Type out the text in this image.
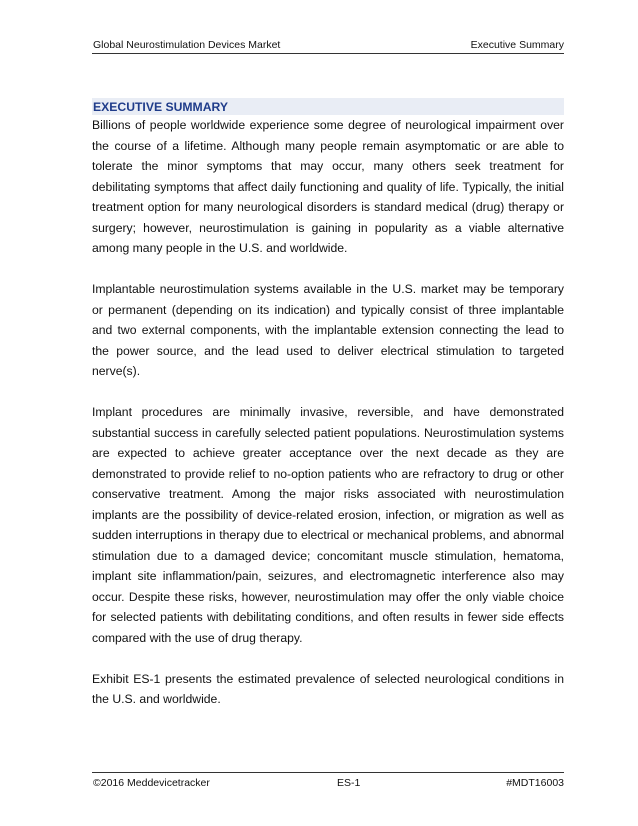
Global Neurostimulation Devices Market	Executive Summary
EXECUTIVE SUMMARY

Billions of people worldwide experience some degree of neurological impairment over the course of a lifetime. Although many people remain asymptomatic or are able to tolerate the minor symptoms that may occur, many others seek treatment for debilitating symptoms that affect daily functioning and quality of life. Typically, the initial treatment option for many neurological disorders is standard medical (drug) therapy or surgery; however, neurostimulation is gaining in popularity as a viable alternative among many people in the U.S. and worldwide.

Implantable neurostimulation systems available in the U.S. market may be temporary or permanent (depending on its indication) and typically consist of three implantable and two external components, with the implantable extension connecting the lead to the power source, and the lead used to deliver electrical stimulation to targeted nerve(s).

Implant procedures are minimally invasive, reversible, and have demonstrated substantial success in carefully selected patient populations. Neurostimulation systems are expected to achieve greater acceptance over the next decade as they are demonstrated to provide relief to no-option patients who are refractory to drug or other conservative treatment. Among the major risks associated with neurostimulation implants are the possibility of device-related erosion, infection, or migration as well as sudden interruptions in therapy due to electrical or mechanical problems, and abnormal stimulation due to a damaged device; concomitant muscle stimulation, hematoma, implant site inflammation/pain, seizures, and electromagnetic interference also may occur. Despite these risks, however, neurostimulation may offer the only viable choice for selected patients with debilitating conditions, and often results in fewer side effects compared with the use of drug therapy.

Exhibit ES-1 presents the estimated prevalence of selected neurological conditions in the U.S. and worldwide.

©2016 Meddevicetracker	ES-1	#MDT16003
